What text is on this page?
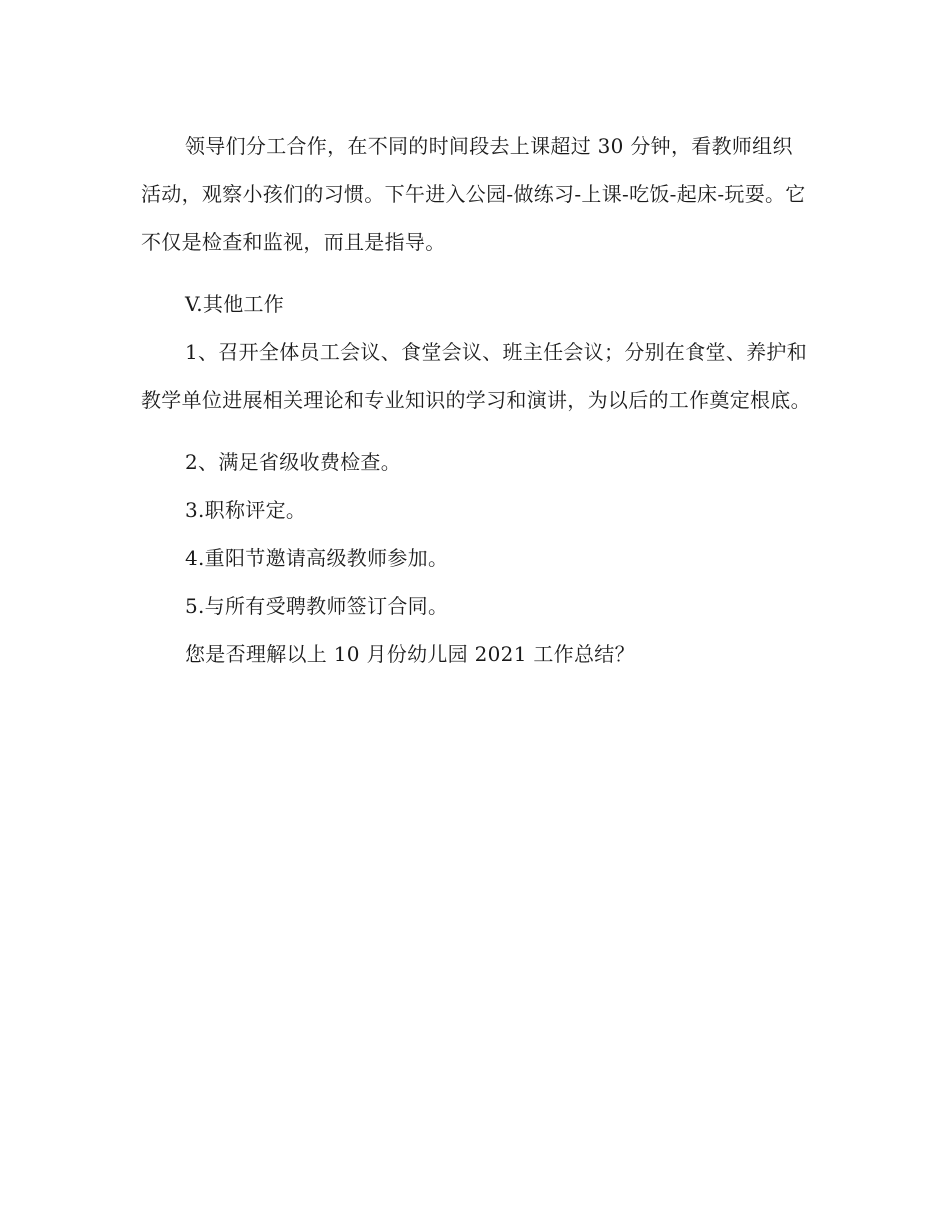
领导们分工合作，在不同的时间段去上课超过 30 分钟，看教师组织活动，观察小孩们的习惯。下午进入公园-做练习-上课-吃饭-起床-玩耍。它不仅是检查和监视，而且是指导。

V.其他工作

1、召开全体员工会议、食堂会议、班主任会议；分别在食堂、养护和教学单位进展相关理论和专业知识的学习和演讲，为以后的工作奠定根底。

2、满足省级收费检查。

3.职称评定。

4.重阳节邀请高级教师参加。

5.与所有受聘教师签订合同。

您是否理解以上 10 月份幼儿园 2021 工作总结？
